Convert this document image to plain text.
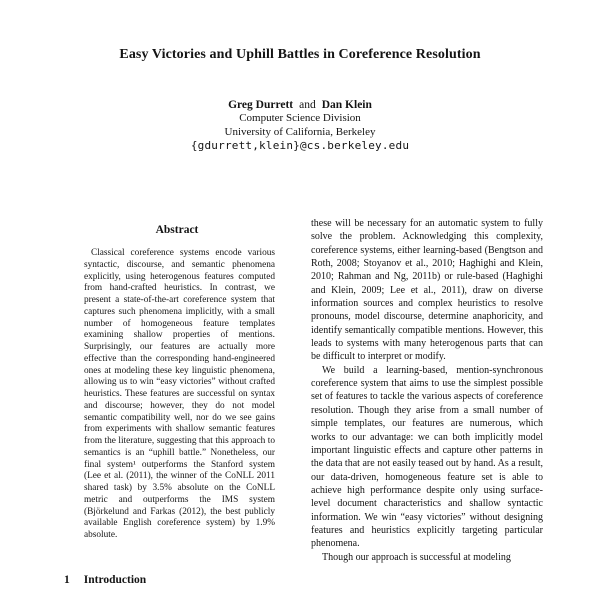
Easy Victories and Uphill Battles in Coreference Resolution
Greg Durrett and Dan Klein
Computer Science Division
University of California, Berkeley
{gdurrett,klein}@cs.berkeley.edu
Abstract
Classical coreference systems encode various syntactic, discourse, and semantic phenomena explicitly, using heterogenous features computed from hand-crafted heuristics. In contrast, we present a state-of-the-art coreference system that captures such phenomena implicitly, with a small number of homogeneous feature templates examining shallow properties of mentions. Surprisingly, our features are actually more effective than the corresponding hand-engineered ones at modeling these key linguistic phenomena, allowing us to win “easy victories” without crafted heuristics. These features are successful on syntax and discourse; however, they do not model semantic compatibility well, nor do we see gains from experiments with shallow semantic features from the literature, suggesting that this approach to semantics is an “uphill battle.” Nonetheless, our final system¹ outperforms the Stanford system (Lee et al. (2011), the winner of the CoNLL 2011 shared task) by 3.5% absolute on the CoNLL metric and outperforms the IMS system (Björkelund and Farkas (2012), the best publicly available English coreference system) by 1.9% absolute.
1 Introduction

these will be necessary for an automatic system to fully solve the problem. Acknowledging this complexity, coreference systems, either learning-based (Bengtson and Roth, 2008; Stoyanov et al., 2010; Haghighi and Klein, 2010; Rahman and Ng, 2011b) or rule-based (Haghighi and Klein, 2009; Lee et al., 2011), draw on diverse information sources and complex heuristics to resolve pronouns, model discourse, determine anaphoricity, and identify semantically compatible mentions. However, this leads to systems with many heterogenous parts that can be difficult to interpret or modify.

We build a learning-based, mention-synchronous coreference system that aims to use the simplest possible set of features to tackle the various aspects of coreference resolution. Though they arise from a small number of simple templates, our features are numerous, which works to our advantage: we can both implicitly model important linguistic effects and capture other patterns in the data that are not easily teased out by hand. As a result, our data-driven, homogeneous feature set is able to achieve high performance despite only using surface-level document characteristics and shallow syntactic information. We win “easy victories” without designing features and heuristics explicitly targeting particular phenomena.

Though our approach is successful at modeling
